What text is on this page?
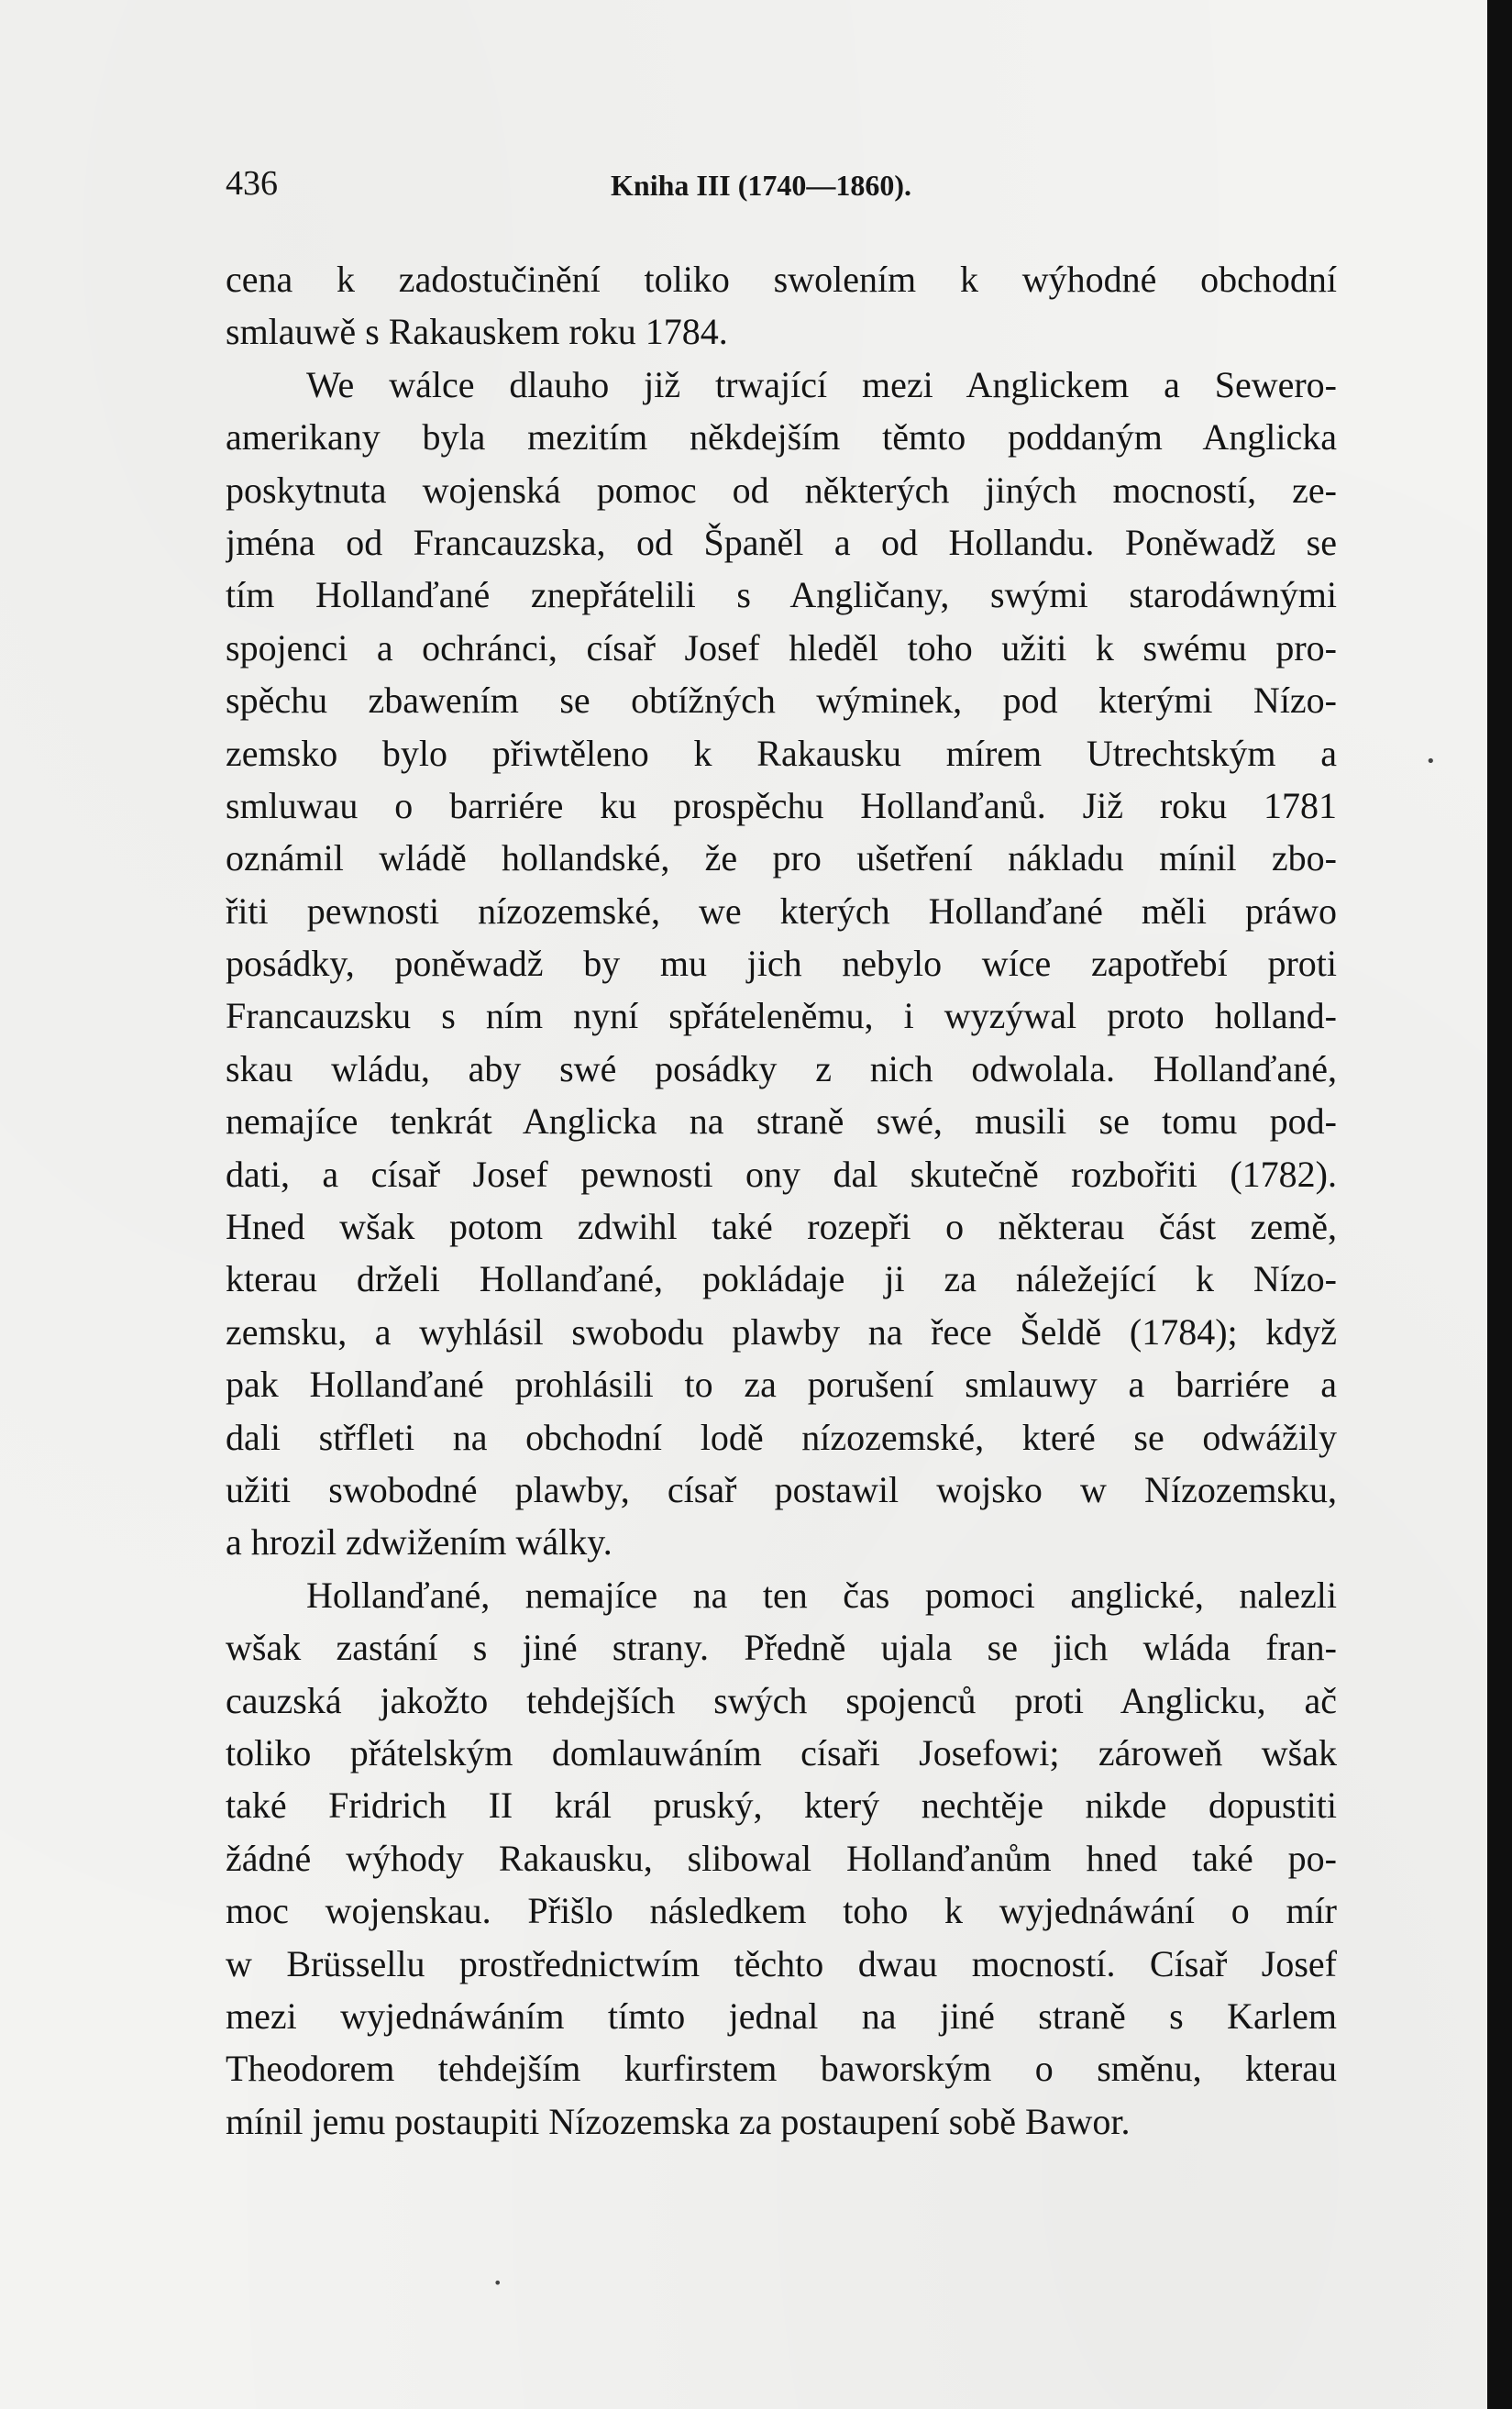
436	Kniha III (1740—1860).
cena k zadostučinění toliko swolením k wýhodné obchodní
smlauwě s Rakauskem roku 1784.
We wálce dlauho již trwající mezi Anglickem a Sewero-
amerikany byla mezitím někdejším těmto poddaným Anglicka
poskytnuta wojenská pomoc od některých jiných mocností, ze-
jména od Francauzska, od Španěl a od Hollandu. Poněwadž se
tím Hollanďané znepřátelili s Angličany, swými starodáwnými
spojenci a ochránci, císař Josef hleděl toho užiti k swému pro-
spěchu zbawením se obtížných wýminek, pod kterými Nízo-
zemsko bylo přiwtěleno k Rakausku mírem Utrechtským a
smluwau o barriére ku prospěchu Hollanďanů. Již roku 1781
oznámil wládě hollandské, že pro ušetření nákladu mínil zbo-
řiti pewnosti nízozemské, we kterých Hollanďané měli práwo
posádky, poněwadž by mu jich nebylo wíce zapotřebí proti
Francauzsku s ním nyní spřáteleněmu, i wyzýwal proto holland-
skau wládu, aby swé posádky z nich odwolala. Hollanďané,
nemajíce tenkrát Anglicka na straně swé, musili se tomu pod-
dati, a císař Josef pewnosti ony dal skutečně rozbořiti (1782).
Hned wšak potom zdwihl také rozepři o některau část země,
kterau drželi Hollanďané, pokládaje ji za náležející k Nízo-
zemsku, a wyhlásil swobodu plawby na řece Šeldě (1784); když
pak Hollanďané prohlásili to za porušení smlauwy a barriére a
dali střfleti na obchodní lodě nízozemské, které se odwážily
užiti swobodné plawby, císař postawil wojsko w Nízozemsku,
a hrozil zdwižením wálky.
Hollanďané, nemajíce na ten čas pomoci anglické, nalezli
wšak zastání s jiné strany. Předně ujala se jich wláda fran-
cauzská jakožto tehdejších swých spojenců proti Anglicku, ač
toliko přátelským domlauwáním císaři Josefowi; zároweň wšak
také Fridrich II král pruský, který nechtěje nikde dopustiti
žádné wýhody Rakausku, slibowal Hollanďanům hned také po-
moc wojenskau. Přišlo následkem toho k wyjednáwání o mír
w Brüssellu prostřednictwím těchto dwau mocností. Císař Josef
mezi wyjednáwáním tímto jednal na jiné straně s Karlem
Theodorem tehdejším kurfirstem baworským o směnu, kterau
mínil jemu postaupiti Nízozemska za postaupení sobě Bawor.
•
•
